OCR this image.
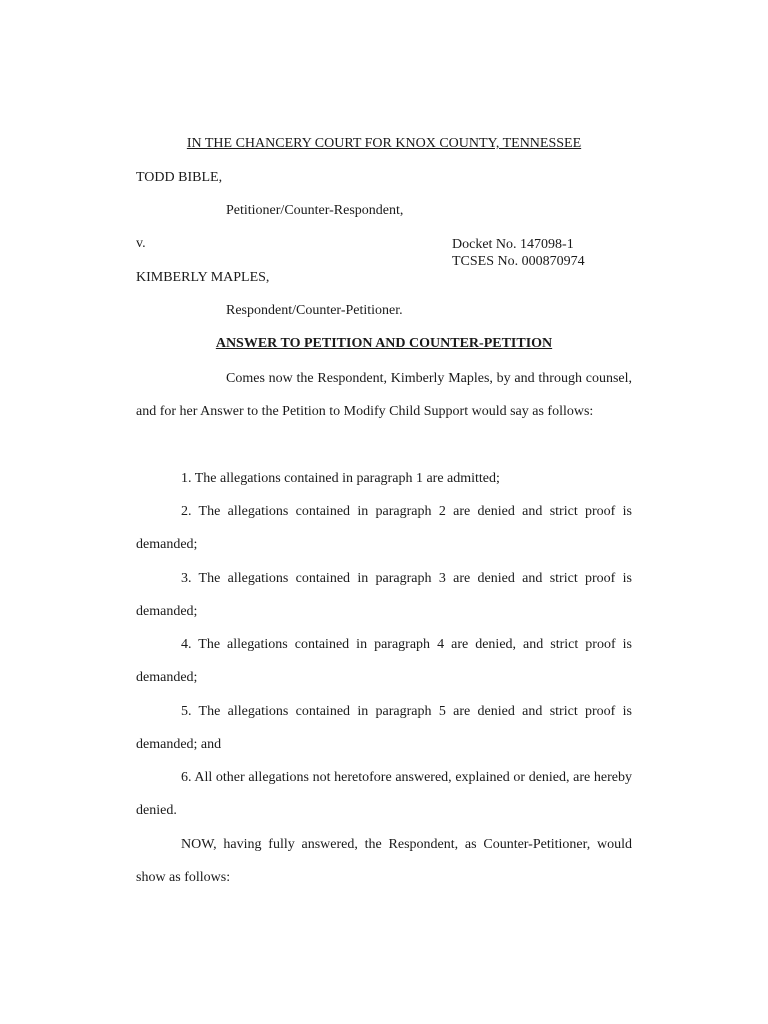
IN THE CHANCERY COURT FOR KNOX COUNTY, TENNESSEE
TODD BIBLE,
Petitioner/Counter-Respondent,
v.	Docket No. 147098-1
TCSES No. 000870974
KIMBERLY MAPLES,
Respondent/Counter-Petitioner.
ANSWER TO PETITION AND COUNTER-PETITION
Comes now the Respondent, Kimberly Maples, by and through counsel, and for her Answer to the Petition to Modify Child Support would say as follows:
1. The allegations contained in paragraph 1 are admitted;
2. The allegations contained in paragraph 2 are denied and strict proof is demanded;
3. The allegations contained in paragraph 3 are denied and strict proof is demanded;
4. The allegations contained in paragraph 4 are denied, and strict proof is demanded;
5. The allegations contained in paragraph 5 are denied and strict proof is demanded; and
6. All other allegations not heretofore answered, explained or denied, are hereby denied.
NOW, having fully answered, the Respondent, as Counter-Petitioner, would show as follows:
